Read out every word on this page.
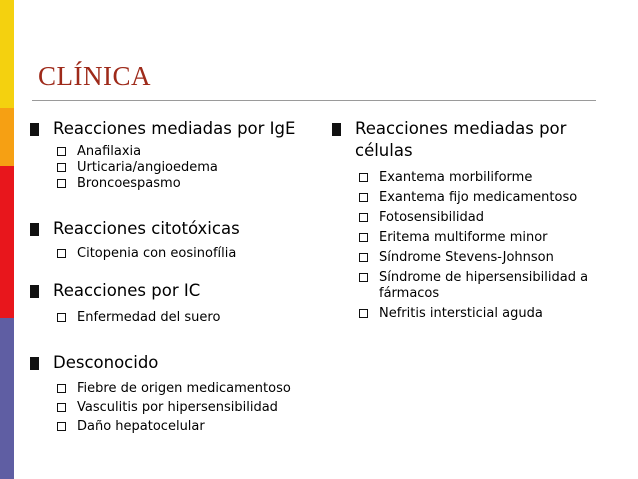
CLÍNICA
Reacciones mediadas por IgE
Anafilaxia
Urticaria/angioedema
Broncoespasmo
Reacciones citotóxicas
Citopenia con eosinofília
Reacciones por IC
Enfermedad del suero
Desconocido
Fiebre de origen medicamentoso
Vasculitis por hipersensibilidad
Daño hepatocelular
Reacciones mediadas por células
Exantema morbiliforme
Exantema fijo medicamentoso
Fotosensibilidad
Eritema multiforme minor
Síndrome Stevens-Johnson
Síndrome de hipersensibilidad a fármacos
Nefritis intersticial aguda
